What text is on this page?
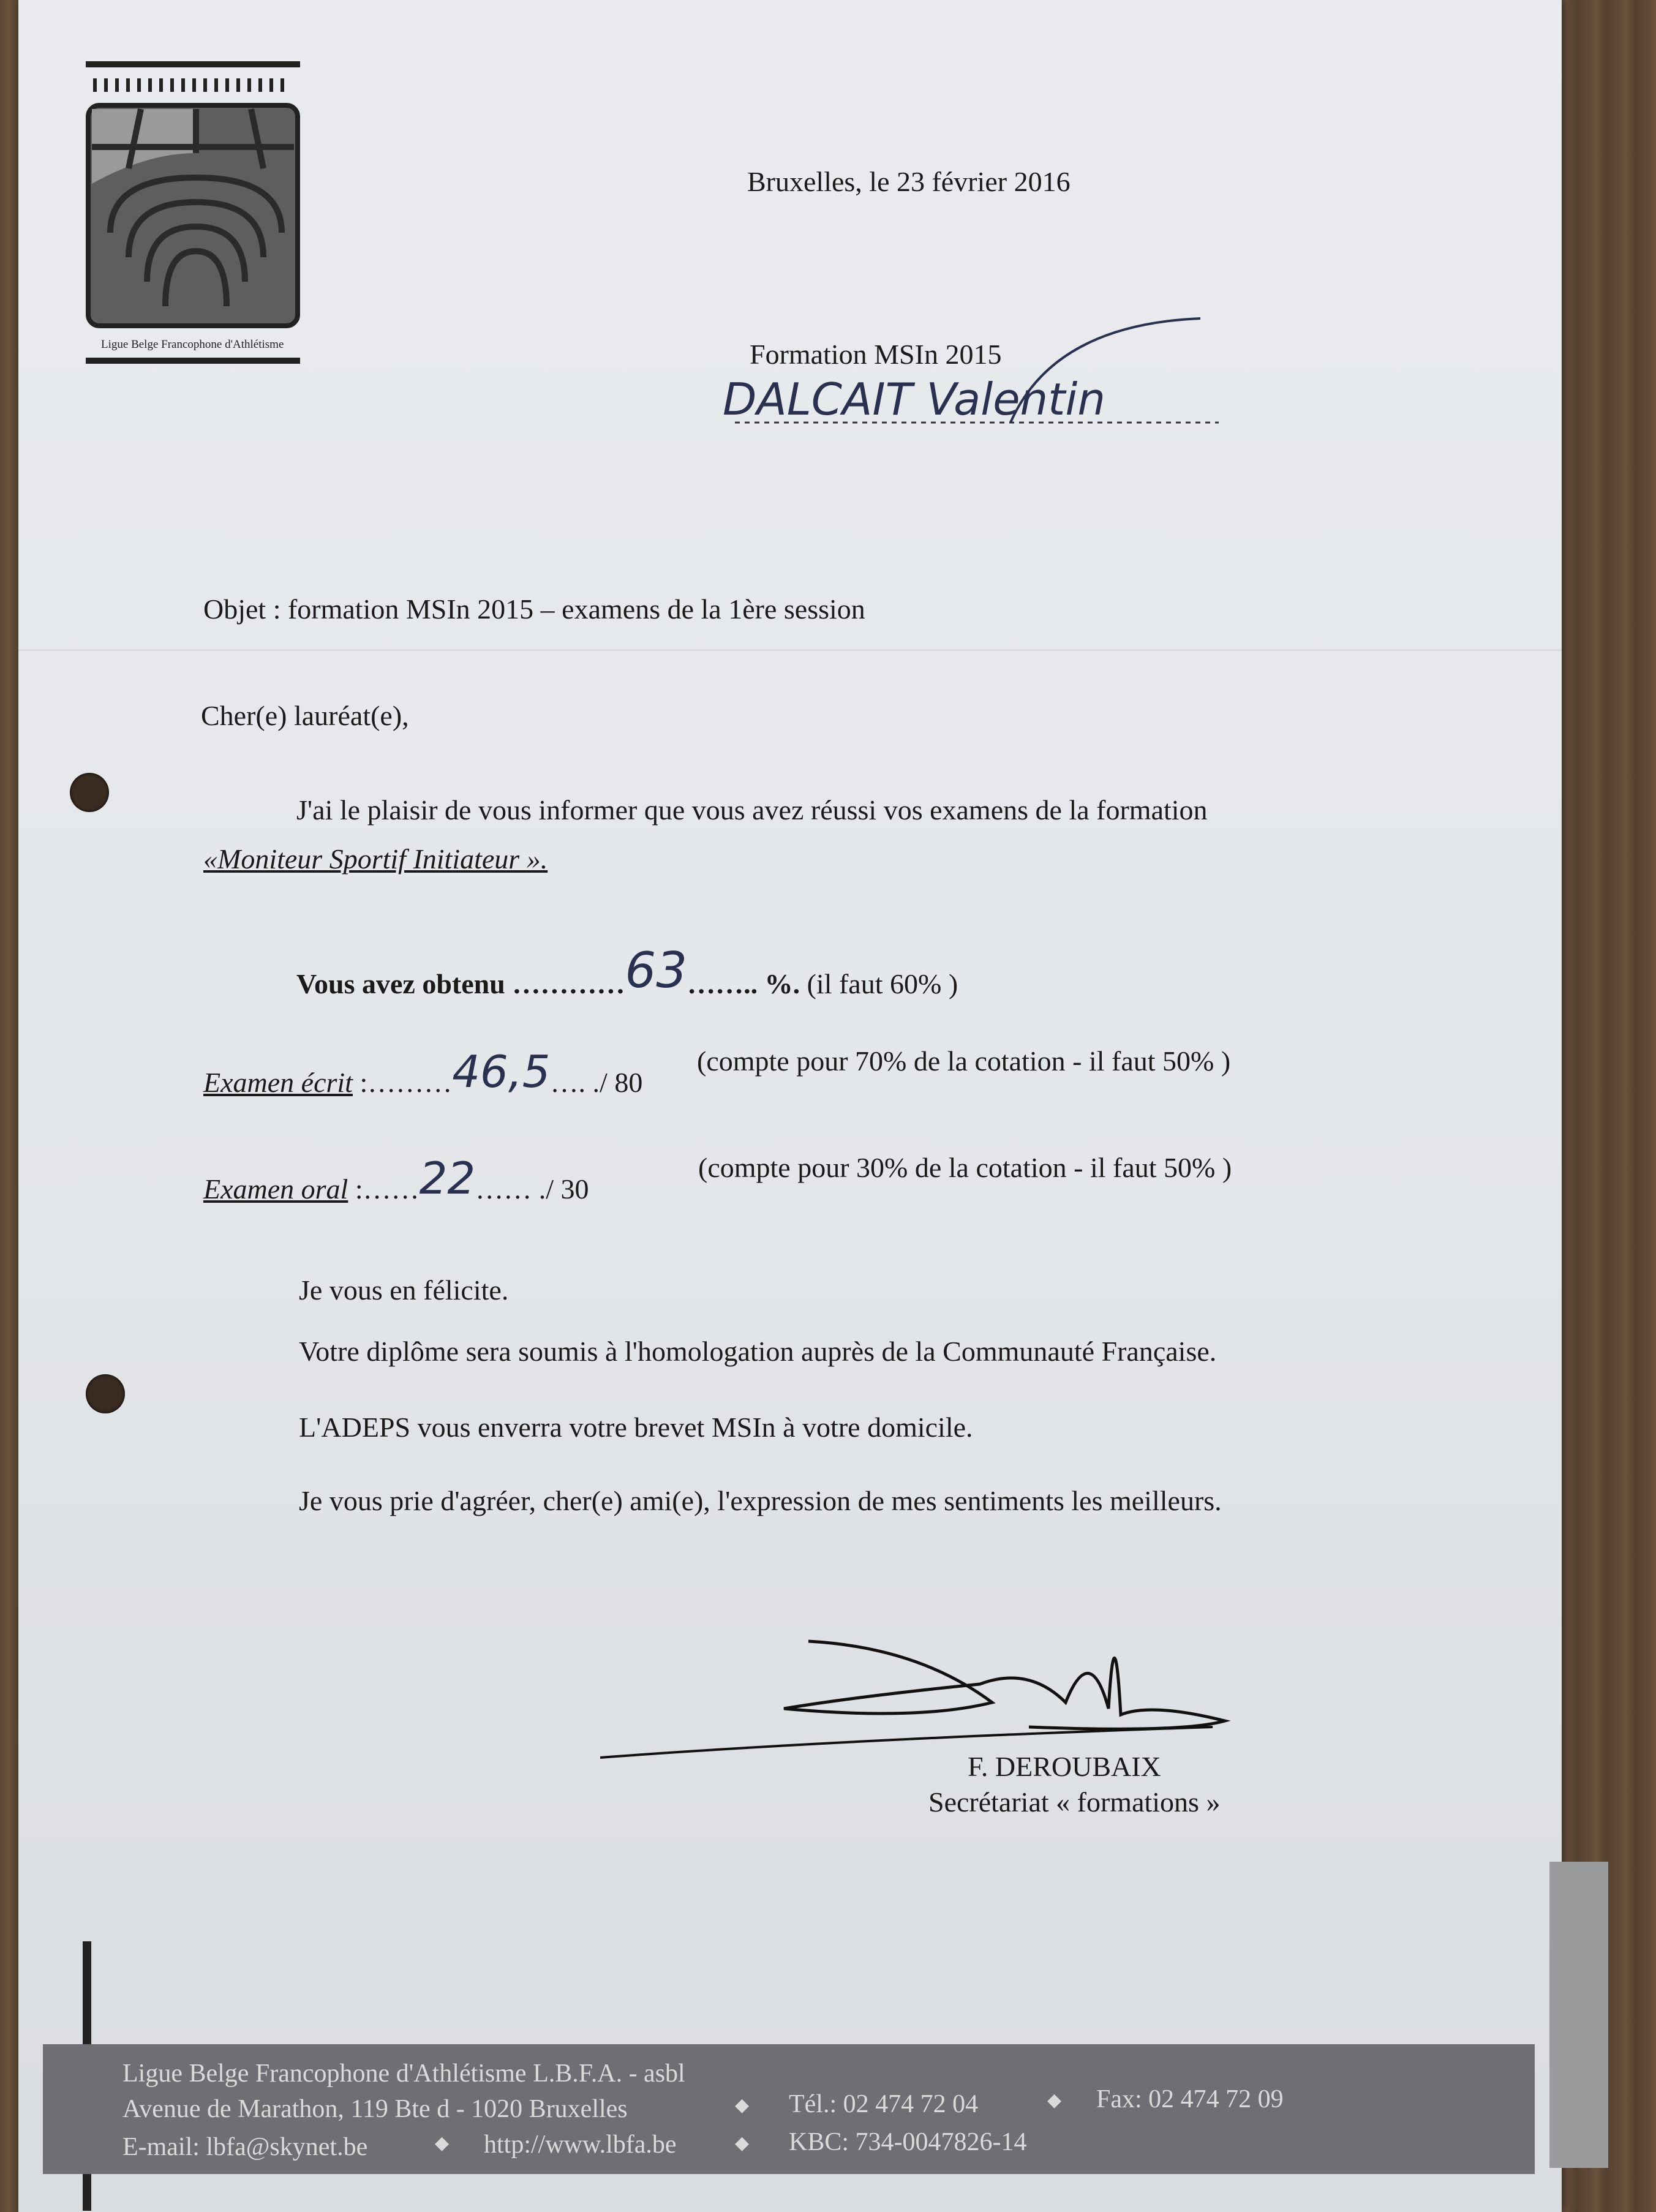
Ligue Belge Francophone d'Athlétisme
Bruxelles, le 23 février 2016
Formation MSIn 2015
DALCAIT Valentin
Objet : formation MSIn 2015 – examens de la 1ère session
Cher(e) lauréat(e),
J'ai le plaisir de vous informer que vous avez réussi vos examens de la formation
«Moniteur Sportif Initiateur ».
Vous avez obtenu …………63…….. %. (il faut 60% )
Examen écrit :………46,5…. ./ 80
(compte pour 70% de la cotation - il faut 50% )
Examen oral :……22…… ./ 30
(compte pour 30% de la cotation - il faut 50% )
Je vous en félicite.
Votre diplôme sera soumis à l'homologation auprès de la Communauté Française.
L'ADEPS vous enverra votre brevet MSIn à votre domicile.
Je vous prie d'agréer, cher(e) ami(e), l'expression de mes sentiments les meilleurs.
F. DEROUBAIX
Secrétariat « formations »
Ligue Belge Francophone d'Athlétisme L.B.F.A. - asbl
Avenue de Marathon, 119 Bte d - 1020 Bruxelles	◆ Tél.: 02 474 72 04	◆ Fax: 02 474 72 09
E-mail: lbfa@skynet.be	◆ http://www.lbfa.be	◆ KBC: 734-0047826-14
